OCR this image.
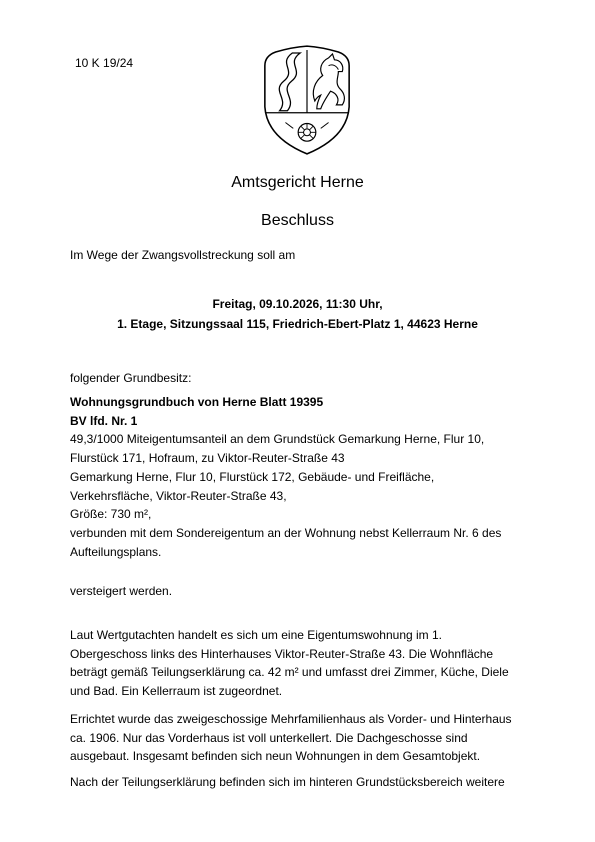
10 K 19/24
Amtsgericht Herne
Beschluss
Im Wege der Zwangsvollstreckung soll am
Freitag, 09.10.2026, 11:30 Uhr,
1. Etage, Sitzungssaal 115, Friedrich-Ebert-Platz 1, 44623 Herne
folgender Grundbesitz:
Wohnungsgrundbuch von Herne Blatt 19395
BV lfd. Nr. 1
49,3/1000 Miteigentumsanteil an dem Grundstück Gemarkung Herne, Flur 10,
Flurstück 171, Hofraum, zu Viktor-Reuter-Straße 43
Gemarkung Herne, Flur 10, Flurstück 172, Gebäude- und Freifläche,
Verkehrsfläche, Viktor-Reuter-Straße 43,
Größe: 730 m²,
verbunden mit dem Sondereigentum an der Wohnung nebst Kellerraum Nr. 6 des
Aufteilungsplans.
versteigert werden.
Laut Wertgutachten handelt es sich um eine Eigentumswohnung im 1.
Obergeschoss links des Hinterhauses Viktor-Reuter-Straße 43. Die Wohnfläche
beträgt gemäß Teilungserklärung ca. 42 m² und umfasst drei Zimmer, Küche, Diele
und Bad. Ein Kellerraum ist zugeordnet.
Errichtet wurde das zweigeschossige Mehrfamilienhaus als Vorder- und Hinterhaus
ca. 1906. Nur das Vorderhaus ist voll unterkellert. Die Dachgeschosse sind
ausgebaut. Insgesamt befinden sich neun Wohnungen in dem Gesamtobjekt.
Nach der Teilungserklärung befinden sich im hinteren Grundstücksbereich weitere
